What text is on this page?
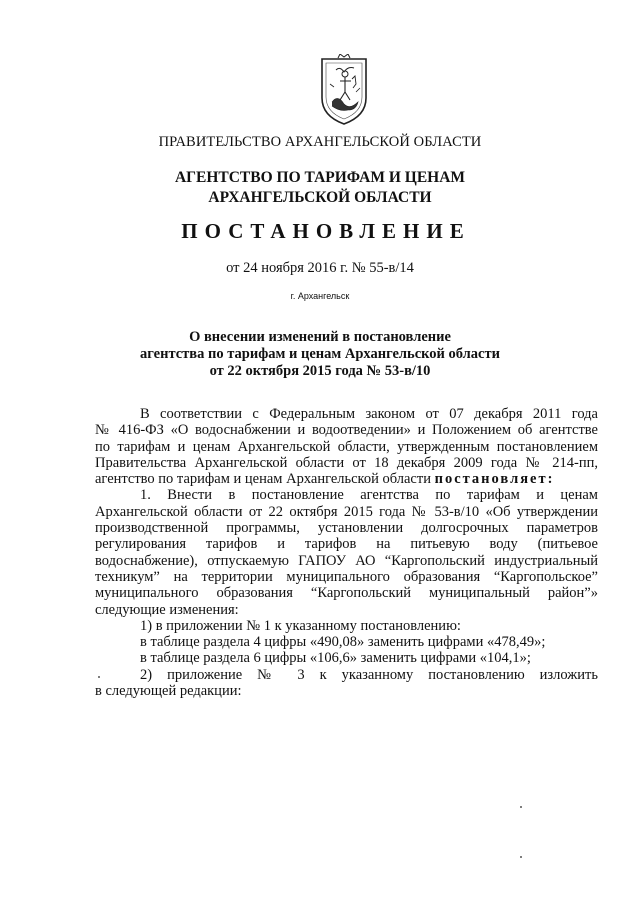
ПРАВИТЕЛЬСТВО АРХАНГЕЛЬСКОЙ ОБЛАСТИ
АГЕНТСТВО ПО ТАРИФАМ И ЦЕНАМ
АРХАНГЕЛЬСКОЙ ОБЛАСТИ
ПОСТАНОВЛЕНИЕ
от 24 ноября 2016 г. № 55-в/14
г. Архангельск
О внесении изменений в постановление
агентства по тарифам и ценам Архангельской области
от 22 октября 2015 года № 53-в/10

В соответствии с Федеральным законом от 07 декабря 2011 года

№ 416-ФЗ «О водоснабжении и водоотведении» и Положением об агентстве

по тарифам и ценам Архангельской области, утвержденным постановлением

Правительства Архангельской области от 18 декабря 2009 года № 214-пп,

агентство по тарифам и ценам Архангельской области постановляет:

1. Внести в постановление агентства по тарифам и ценам

Архангельской области от 22 октября 2015 года № 53-в/10 «Об утверждении

производственной программы, установлении долгосрочных параметров

регулирования тарифов и тарифов на питьевую воду (питьевое

водоснабжение), отпускаемую ГАПОУ АО “Каргопольский индустриальный

техникум” на территории муниципального образования “Каргопольское”

муниципального образования “Каргопольский муниципальный район”»

следующие изменения:

1) в приложении № 1 к указанному постановлению:

в таблице раздела 4 цифры «490,08» заменить цифрами «478,49»;

в таблице раздела 6 цифры «106,6» заменить цифрами «104,1»;

2) приложение № 3 к указанному постановлению изложить

в следующей редакции:
